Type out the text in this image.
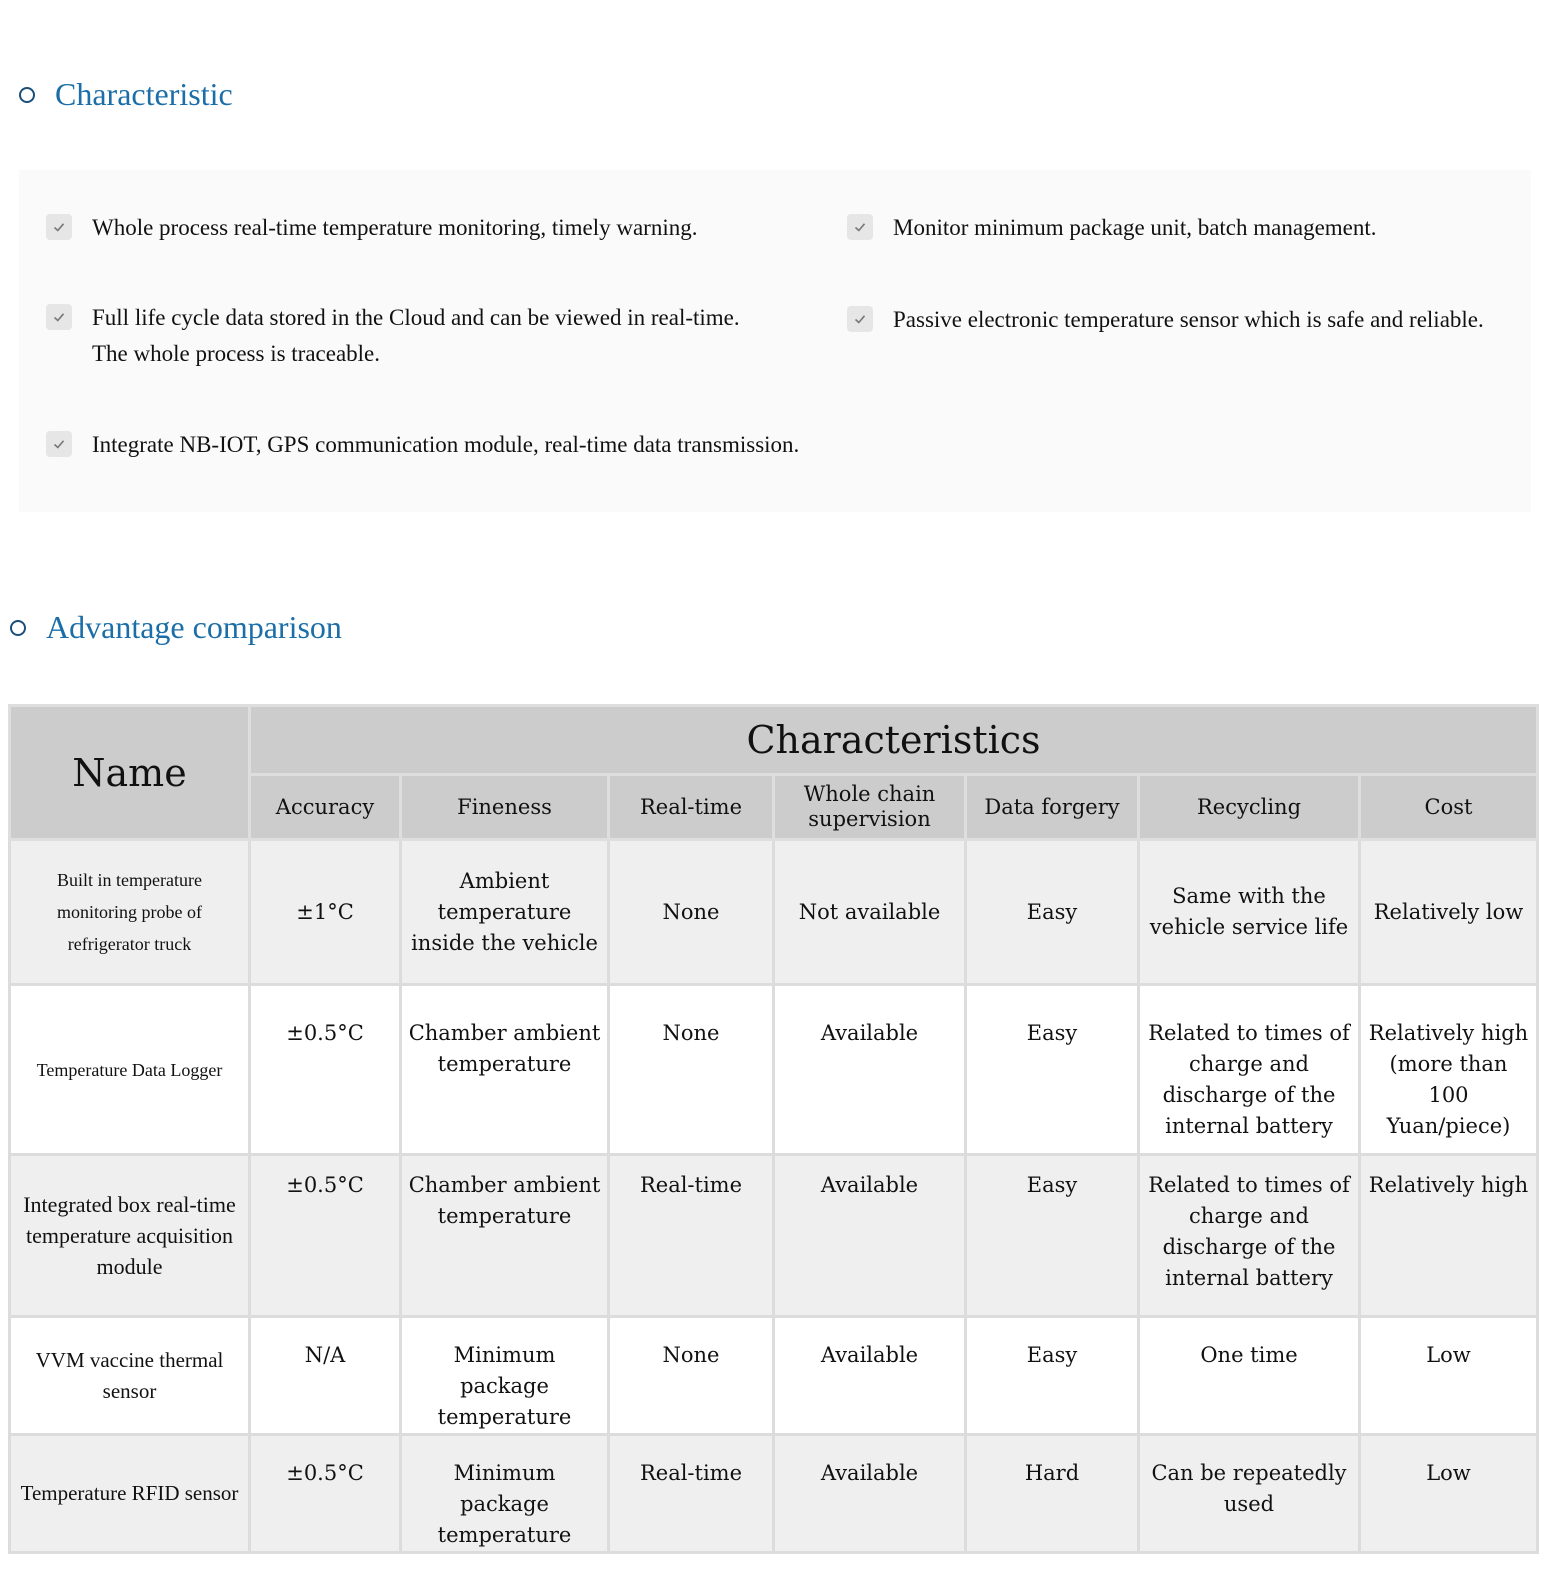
Characteristic
Whole process real-time temperature monitoring, timely warning.	Monitor minimum package unit, batch management.
Full life cycle data stored in the Cloud and can be viewed in real-time.
The whole process is traceable.
Passive electronic temperature sensor which is safe and reliable.
Integrate NB-IOT, GPS communication module, real-time data transmission.
Advantage comparison
Name	Characteristics						
	Accuracy	Fineness	Real-time	Whole chain supervision	Data forgery	Recycling	Cost
Built in temperature monitoring probe of refrigerator truck	±1°C	Ambient temperature inside the vehicle	None	Not available	Easy	Same with the vehicle service life	Relatively low
Temperature Data Logger	±0.5°C	Chamber ambient temperature	None	Available	Easy	Related to times of charge and discharge of the internal battery	Relatively high (more than 100 Yuan/piece)
Integrated box real-time temperature acquisition module	±0.5°C	Chamber ambient temperature	Real-time	Available	Easy	Related to times of charge and discharge of the internal battery	Relatively high
VVM vaccine thermal sensor	N/A	Minimum package temperature	None	Available	Easy	One time	Low
Temperature RFID sensor	±0.5°C	Minimum package temperature	Real-time	Available	Hard	Can be repeatedly used	Low
